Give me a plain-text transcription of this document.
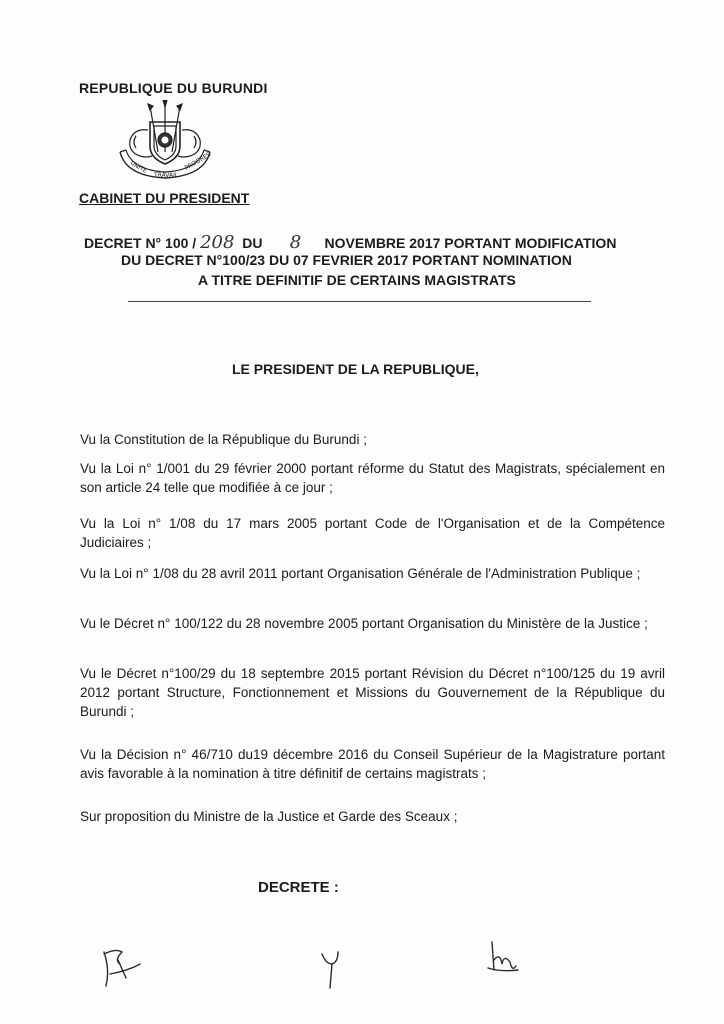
REPUBLIQUE DU BURUNDI
UNITE
TRAVAIL
PROGRES
CABINET DU PRESIDENT
DECRET N° 100 / 208 DU 8 NOVEMBRE 2017 PORTANT MODIFICATION
DU DECRET N°100/23 DU 07 FEVRIER 2017 PORTANT NOMINATION
A TITRE DEFINITIF DE CERTAINS MAGISTRATS
LE PRESIDENT DE LA REPUBLIQUE,

Vu la Constitution de la République du Burundi ;

Vu la Loi n° 1/001 du 29 février 2000 portant réforme du Statut des Magistrats, spécialement en son article 24 telle que modifiée à ce jour ;

Vu la Loi n° 1/08 du 17 mars 2005 portant Code de l'Organisation et de la Compétence Judiciaires ;

Vu la Loi n° 1/08 du 28 avril 2011 portant Organisation Générale de l'Administration Publique ;

Vu le Décret n° 100/122 du 28 novembre 2005 portant Organisation du Ministère de la Justice ;

Vu le Décret n°100/29 du 18 septembre 2015 portant Révision du Décret n°100/125 du 19 avril 2012 portant Structure, Fonctionnement et Missions du Gouvernement de la République du Burundi ;

Vu la Décision n° 46/710 du19 décembre 2016 du Conseil Supérieur de la Magistrature portant avis favorable à la nomination à titre définitif de certains magistrats ;

Sur proposition du Ministre de la Justice et Garde des Sceaux ;

DECRETE :
